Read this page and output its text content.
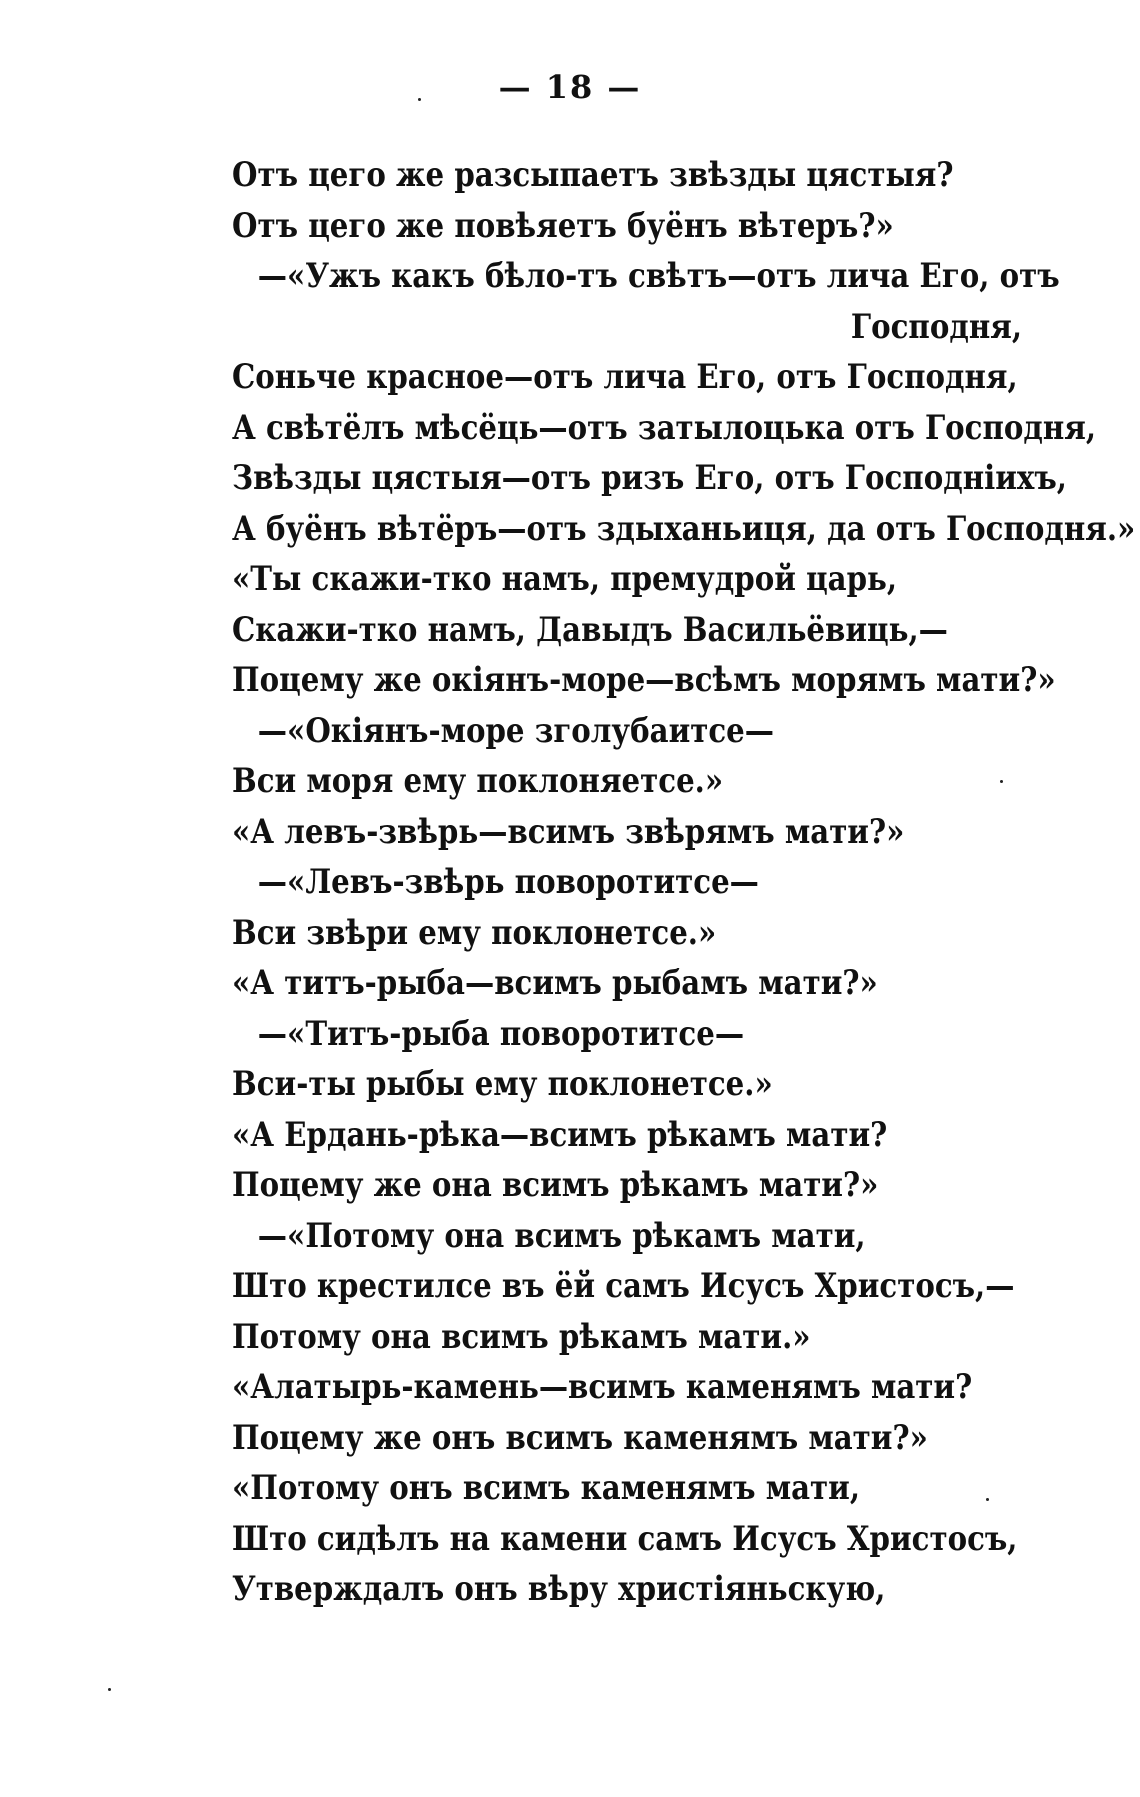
— 18 —
Отъ цего же разсыпаетъ звѣзды цястыя?
Отъ цего же повѣяетъ буёнъ вѣтеръ?»
—«Ужъ какъ бѣло-тъ свѣтъ—отъ лича Его, отъ
Господня,
Соньче красное—отъ лича Его, отъ Господня,
А свѣтёлъ мѣсёць—отъ затылоцька отъ Господня,
Звѣзды цястыя—отъ ризъ Его, отъ Господнiихъ,
А буёнъ вѣтёръ—отъ здыханьиця, да отъ Господня.»
«Ты скажи-тко намъ, премудрой царь,
Скажи-тко намъ, Давыдъ Васильёвиць,—
Поцему же окiянъ-море—всѣмъ морямъ мати?»
—«Окiянъ-море зголубаитсе—
Вси моря ему поклоняетсе.»
«А левъ-звѣрь—всимъ звѣрямъ мати?»
—«Левъ-звѣрь поворотитсе—
Вси звѣри ему поклонетсе.»
«А титъ-рыба—всимъ рыбамъ мати?»
—«Титъ-рыба поворотитсе—
Вси-ты рыбы ему поклонетсе.»
«А Ердань-рѣка—всимъ рѣкамъ мати?
Поцему же она всимъ рѣкамъ мати?»
—«Потому она всимъ рѣкамъ мати,
Што крестилсе въ ёй самъ Исусъ Христосъ,—
Потому она всимъ рѣкамъ мати.»
«Алатырь-камень—всимъ каменямъ мати?
Поцему же онъ всимъ каменямъ мати?»
«Потому онъ всимъ каменямъ мати,
Што сидѣлъ на камени самъ Исусъ Христосъ,
Утверждалъ онъ вѣру христiяньскую,
